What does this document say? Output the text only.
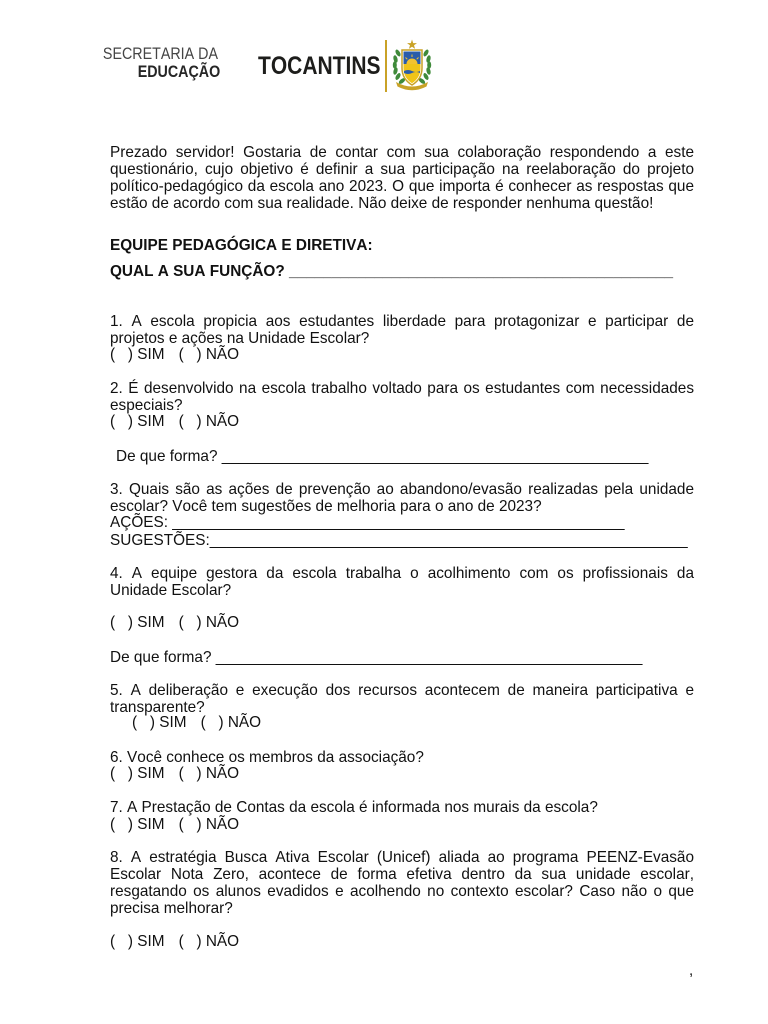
SECRETARIA DA
EDUCAÇÃO TOCANTINS

Prezado servidor! Gostaria de contar com sua colaboração respondendo a este questionário, cujo objetivo é definir a sua participação na reelaboração do projeto político-pedagógico da escola ano 2023. O que importa é conhecer as respostas que estão de acordo com sua realidade. Não deixe de responder nenhuma questão!

EQUIPE PEDAGÓGICA E DIRETIVA:
QUAL A SUA FUNÇÃO? _____________________________________________

1. A escola propicia aos estudantes liberdade para protagonizar e participar de projetos e ações na Unidade Escolar?

(   ) SIM (   ) NÃO

2. É desenvolvido na escola trabalho voltado para os estudantes com necessidades especiais?

(   ) SIM (   ) NÃO
De que forma? __________________________________________________

3. Quais são as ações de prevenção ao abandono/evasão realizadas pela unidade escolar? Você tem sugestões de melhoria para o ano de 2023?

AÇÕES: _____________________________________________________
SUGESTÕES:________________________________________________________

4. A equipe gestora da escola trabalha o acolhimento com os profissionais da Unidade Escolar?

(   ) SIM (   ) NÃO
De que forma? __________________________________________________

5. A deliberação e execução dos recursos acontecem de maneira participativa e transparente?

(   ) SIM (   ) NÃO

6. Você conhece os membros da associação?

(   ) SIM (   ) NÃO

7. A Prestação de Contas da escola é informada nos murais da escola?

(   ) SIM (   ) NÃO

8. A estratégia Busca Ativa Escolar (Unicef) aliada ao programa PEENZ-Evasão Escolar Nota Zero, acontece de forma efetiva dentro da sua unidade escolar, resgatando os alunos evadidos e acolhendo no contexto escolar? Caso não o que precisa melhorar?

(   ) SIM (   ) NÃO
,
